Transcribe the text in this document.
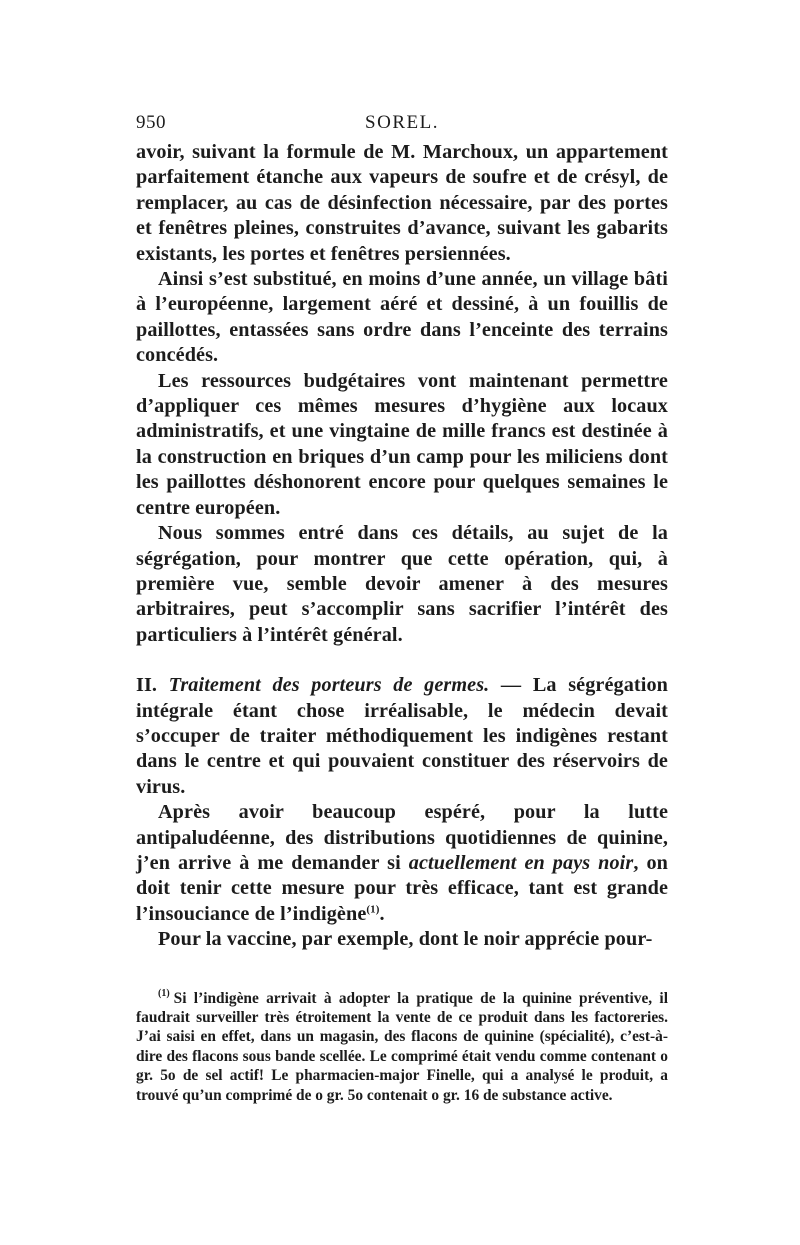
950	SOREL.

avoir, suivant la formule de M. Marchoux, un appartement parfaitement étanche aux vapeurs de soufre et de crésyl, de remplacer, au cas de désinfection nécessaire, par des portes et fenêtres pleines, construites d’avance, suivant les gabarits existants, les portes et fenêtres persiennées.

Ainsi s’est substitué, en moins d’une année, un village bâti à l’européenne, largement aéré et dessiné, à un fouillis de paillottes, entassées sans ordre dans l’enceinte des terrains concédés.

Les ressources budgétaires vont maintenant permettre d’appliquer ces mêmes mesures d’hygiène aux locaux administratifs, et une vingtaine de mille francs est destinée à la construction en briques d’un camp pour les miliciens dont les paillottes déshonorent encore pour quelques semaines le centre européen.

Nous sommes entré dans ces détails, au sujet de la ségrégation, pour montrer que cette opération, qui, à première vue, semble devoir amener à des mesures arbitraires, peut s’accomplir sans sacrifier l’intérêt des particuliers à l’intérêt général.

II. Traitement des porteurs de germes. — La ségrégation intégrale étant chose irréalisable, le médecin devait s’occuper de traiter méthodiquement les indigènes restant dans le centre et qui pouvaient constituer des réservoirs de virus.

Après avoir beaucoup espéré, pour la lutte antipaludéenne, des distributions quotidiennes de quinine, j’en arrive à me demander si actuellement en pays noir, on doit tenir cette mesure pour très efficace, tant est grande l’insouciance de l’indigène$^{(1)}$.

Pour la vaccine, par exemple, dont le noir apprécie pour-

$^{(1)}$ Si l’indigène arrivait à adopter la pratique de la quinine préventive, il faudrait surveiller très étroitement la vente de ce produit dans les factoreries. J’ai saisi en effet, dans un magasin, des flacons de quinine (spécialité), c’est-à-dire des flacons sous bande scellée. Le comprimé était vendu comme contenant o gr. 5o de sel actif! Le pharmacien-major Finelle, qui a analysé le produit, a trouvé qu’un comprimé de o gr. 5o contenait o gr. 16 de substance active.
